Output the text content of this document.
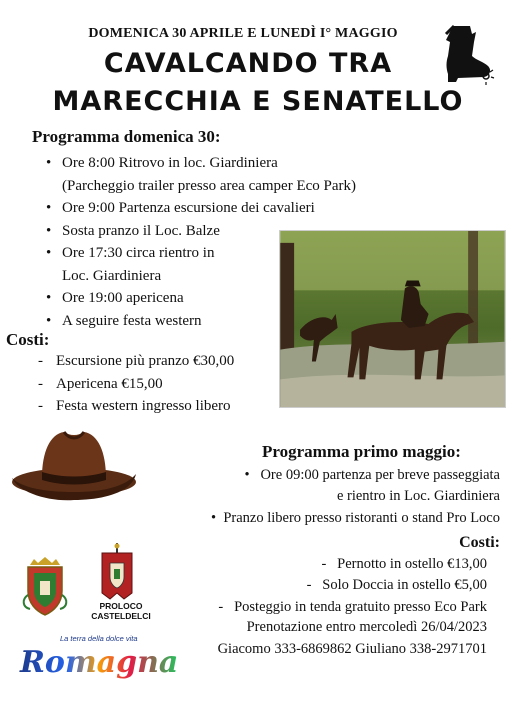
DOMENICA 30 APRILE E LUNEDÌ I° MAGGIO
CAVALCANDO TRA
MARECCHIA E SENATELLO
Programma domenica 30:
• Ore 8:00 Ritrovo in loc. Giardiniera
(Parcheggio trailer presso area camper Eco Park)
• Ore 9:00 Partenza escursione dei cavalieri
• Sosta pranzo il Loc. Balze
• Ore 17:30 circa rientro in
Loc. Giardiniera
• Ore 19:00 apericena
• A seguire festa western
Costi:
- Escursione più pranzo €30,00
- Apericena €15,00
- Festa western ingresso libero
Programma primo maggio:
•   Ore 09:00 partenza per breve passeggiata
e rientro in Loc. Giardiniera
•  Pranzo libero presso ristoranti o stand Pro Loco
Costi:
-   Pernotto in ostello €13,00
-   Solo Doccia in ostello €5,00
-   Posteggio in tenda gratuito presso Eco Park
Prenotazione entro mercoledì 26/04/2023
Giacomo 333-6869862 Giuliano 338-2971701
PROLOCO
CASTELDELCI
La terra della dolce vita
Romagna
